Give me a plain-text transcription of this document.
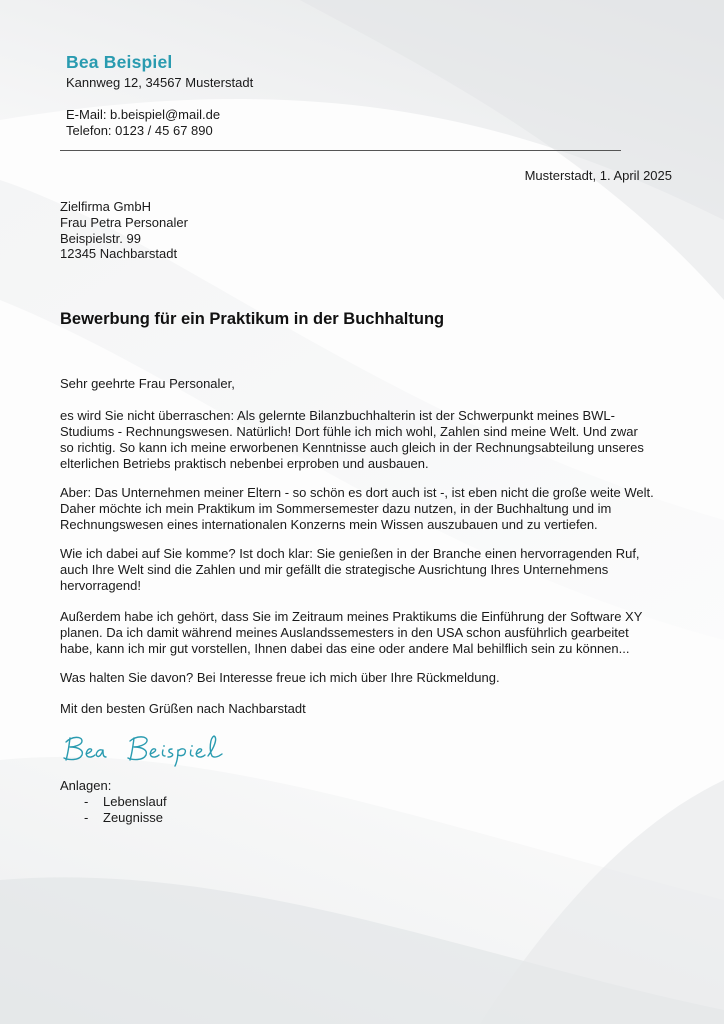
Bea Beispiel
Kannweg 12, 34567 Musterstadt
E-Mail: b.beispiel@mail.de
Telefon: 0123 / 45 67 890
Musterstadt, 1. April 2025
Zielfirma GmbH
Frau Petra Personaler
Beispielstr. 99
12345 Nachbarstadt
Bewerbung für ein Praktikum in der Buchhaltung
Sehr geehrte Frau Personaler,
es wird Sie nicht überraschen: Als gelernte Bilanzbuchhalterin ist der Schwerpunkt meines BWL-
Studiums - Rechnungswesen. Natürlich! Dort fühle ich mich wohl, Zahlen sind meine Welt. Und zwar
so richtig. So kann ich meine erworbenen Kenntnisse auch gleich in der Rechnungsabteilung unseres
elterlichen Betriebs praktisch nebenbei erproben und ausbauen.
Aber: Das Unternehmen meiner Eltern - so schön es dort auch ist -, ist eben nicht die große weite Welt.
Daher möchte ich mein Praktikum im Sommersemester dazu nutzen, in der Buchhaltung und im
Rechnungswesen eines internationalen Konzerns mein Wissen auszubauen und zu vertiefen.
Wie ich dabei auf Sie komme? Ist doch klar: Sie genießen in der Branche einen hervorragenden Ruf,
auch Ihre Welt sind die Zahlen und mir gefällt die strategische Ausrichtung Ihres Unternehmens
hervorragend!
Außerdem habe ich gehört, dass Sie im Zeitraum meines Praktikums die Einführung der Software XY
planen. Da ich damit während meines Auslandssemesters in den USA schon ausführlich gearbeitet
habe, kann ich mir gut vorstellen, Ihnen dabei das eine oder andere Mal behilflich sein zu können...
Was halten Sie davon? Bei Interesse freue ich mich über Ihre Rückmeldung.
Mit den besten Grüßen nach Nachbarstadt
Anlagen:
- Lebenslauf
- Zeugnisse
